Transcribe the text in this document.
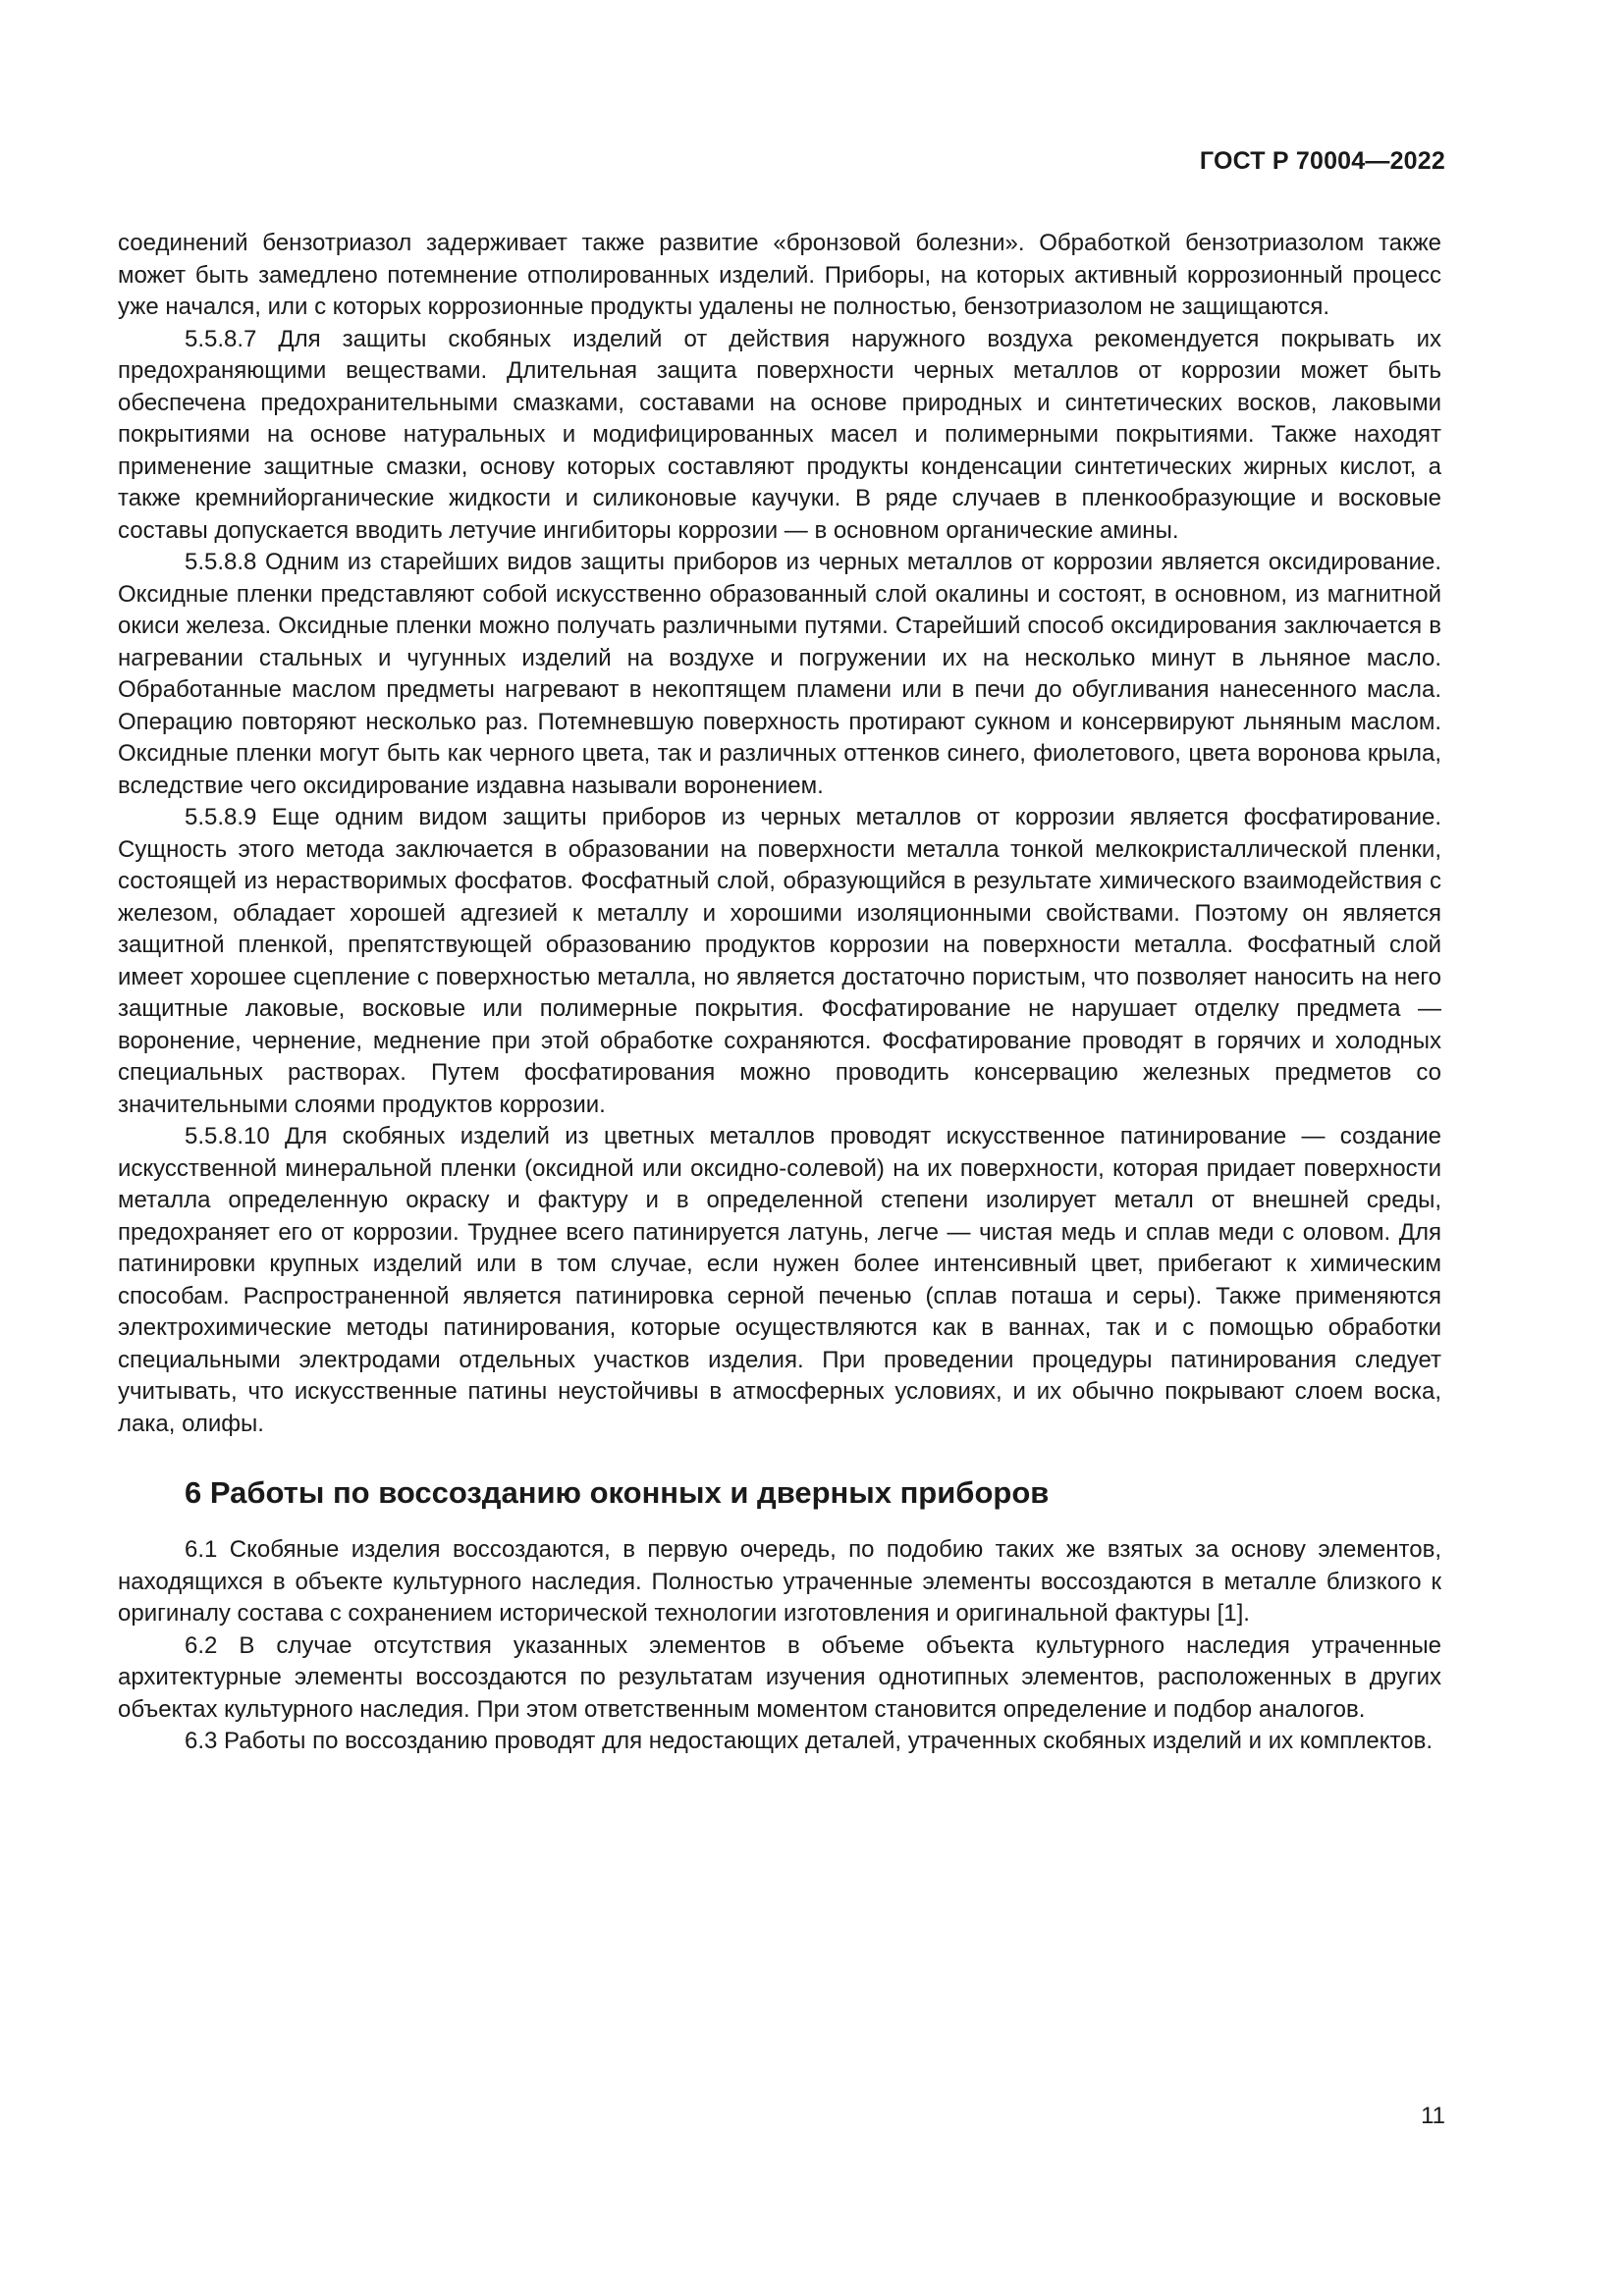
ГОСТ Р 70004—2022

соединений бензотриазол задерживает также развитие «бронзовой болезни». Обработкой бензотриазолом также может быть замедлено потемнение отполированных изделий. Приборы, на которых активный коррозионный процесс уже начался, или с которых коррозионные продукты удалены не полностью, бензотриазолом не защищаются.

5.5.8.7 Для защиты скобяных изделий от действия наружного воздуха рекомендуется покрывать их предохраняющими веществами. Длительная защита поверхности черных металлов от коррозии может быть обеспечена предохранительными смазками, составами на основе природных и синтетических восков, лаковыми покрытиями на основе натуральных и модифицированных масел и полимерными покрытиями. Также находят применение защитные смазки, основу которых составляют продукты конденсации синтетических жирных кислот, а также кремнийорганические жидкости и силиконовые каучуки. В ряде случаев в пленкообразующие и восковые составы допускается вводить летучие ингибиторы коррозии — в основном органические амины.

5.5.8.8 Одним из старейших видов защиты приборов из черных металлов от коррозии является оксидирование. Оксидные пленки представляют собой искусственно образованный слой окалины и состоят, в основном, из магнитной окиси железа. Оксидные пленки можно получать различными путями. Старейший способ оксидирования заключается в нагревании стальных и чугунных изделий на воздухе и погружении их на несколько минут в льняное масло. Обработанные маслом предметы нагревают в некоптящем пламени или в печи до обугливания нанесенного масла. Операцию повторяют несколько раз. Потемневшую поверхность протирают сукном и консервируют льняным маслом. Оксидные пленки могут быть как черного цвета, так и различных оттенков синего, фиолетового, цвета воронова крыла, вследствие чего оксидирование издавна называли воронением.

5.5.8.9 Еще одним видом защиты приборов из черных металлов от коррозии является фосфатирование. Сущность этого метода заключается в образовании на поверхности металла тонкой мелкокристаллической пленки, состоящей из нерастворимых фосфатов. Фосфатный слой, образующийся в результате химического взаимодействия с железом, обладает хорошей адгезией к металлу и хорошими изоляционными свойствами. Поэтому он является защитной пленкой, препятствующей образованию продуктов коррозии на поверхности металла. Фосфатный слой имеет хорошее сцепление с поверхностью металла, но является достаточно пористым, что позволяет наносить на него защитные лаковые, восковые или полимерные покрытия. Фосфатирование не нарушает отделку предмета — воронение, чернение, меднение при этой обработке сохраняются. Фосфатирование проводят в горячих и холодных специальных растворах. Путем фосфатирования можно проводить консервацию железных предметов со значительными слоями продуктов коррозии.

5.5.8.10 Для скобяных изделий из цветных металлов проводят искусственное патинирование — создание искусственной минеральной пленки (оксидной или оксидно-солевой) на их поверхности, которая придает поверхности металла определенную окраску и фактуру и в определенной степени изолирует металл от внешней среды, предохраняет его от коррозии. Труднее всего патинируется латунь, легче — чистая медь и сплав меди с оловом. Для патинировки крупных изделий или в том случае, если нужен более интенсивный цвет, прибегают к химическим способам. Распространенной является патинировка серной печенью (сплав поташа и серы). Также применяются электрохимические методы патинирования, которые осуществляются как в ваннах, так и с помощью обработки специальными электродами отдельных участков изделия. При проведении процедуры патинирования следует учитывать, что искусственные патины неустойчивы в атмосферных условиях, и их обычно покрывают слоем воска, лака, олифы.

6 Работы по воссозданию оконных и дверных приборов

6.1 Скобяные изделия воссоздаются, в первую очередь, по подобию таких же взятых за основу элементов, находящихся в объекте культурного наследия. Полностью утраченные элементы воссоздаются в металле близкого к оригиналу состава с сохранением исторической технологии изготовления и оригинальной фактуры [1].

6.2 В случае отсутствия указанных элементов в объеме объекта культурного наследия утраченные архитектурные элементы воссоздаются по результатам изучения однотипных элементов, расположенных в других объектах культурного наследия. При этом ответственным моментом становится определение и подбор аналогов.

6.3 Работы по воссозданию проводят для недостающих деталей, утраченных скобяных изделий и их комплектов.

11
